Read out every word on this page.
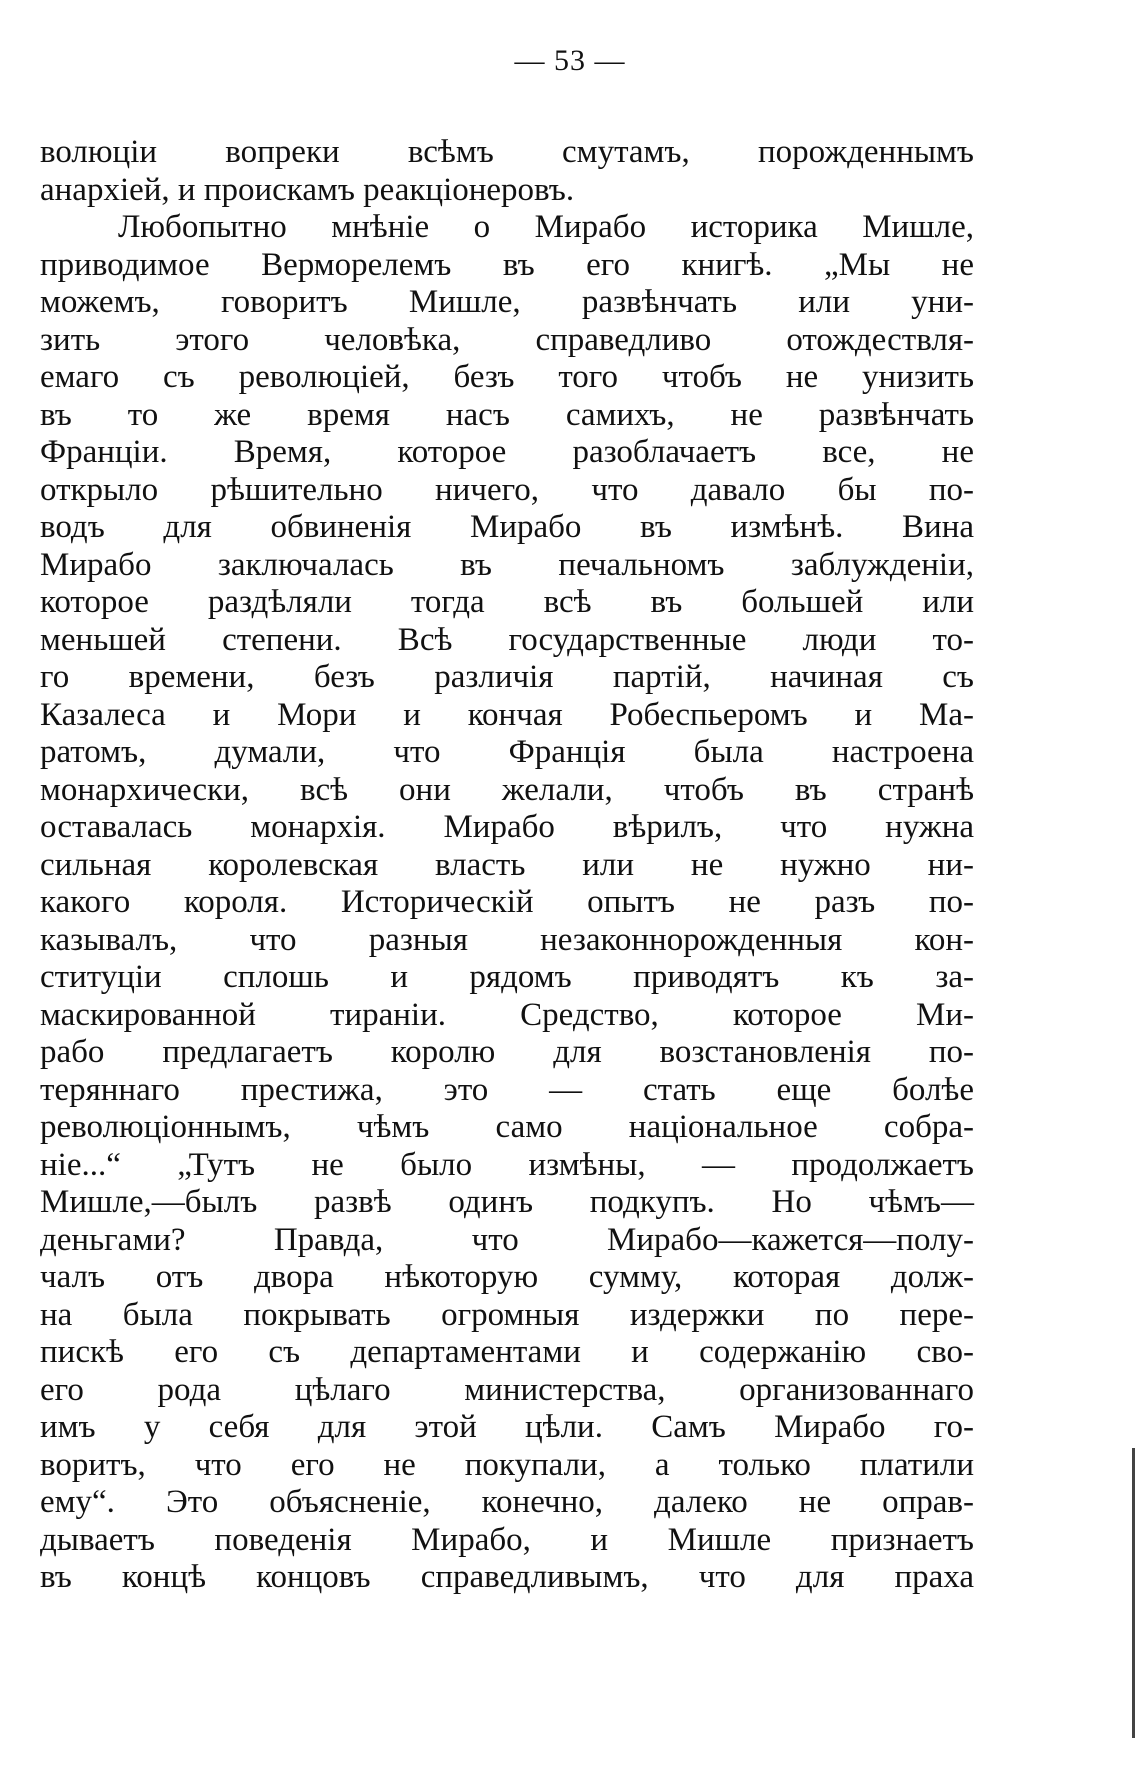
— 53 —
волюціи вопреки всѣмъ смутамъ, порожденнымъ
анархіей, и проискамъ реакціонеровъ.
Любопытно мнѣніе о Мирабо историка Мишле,
приводимое Верморелемъ въ его книгѣ. „Мы не
можемъ, говоритъ Мишле, развѣнчать или уни-
зить этого человѣка, справедливо отождествля-
емаго съ революціей, безъ того чтобъ не унизить
въ то же время насъ самихъ, не развѣнчать
Франціи. Время, которое разоблачаетъ все, не
открыло рѣшительно ничего, что давало бы по-
водъ для обвиненія Мирабо въ измѣнѣ. Вина
Мирабо заключалась въ печальномъ заблужденіи,
которое раздѣляли тогда всѣ въ большей или
меньшей степени. Всѣ государственные люди то-
го времени, безъ различія партій, начиная съ
Казалеса и Мори и кончая Робеспьеромъ и Ма-
ратомъ, думали, что Франція была настроена
монархически, всѣ они желали, чтобъ въ странѣ
оставалась монархія. Мирабо вѣрилъ, что нужна
сильная королевская власть или не нужно ни-
какого короля. Историческій опытъ не разъ по-
казывалъ, что разныя незаконнорожденныя кон-
ституціи сплошь и рядомъ приводятъ къ за-
маскированной тираніи. Средство, которое Ми-
рабо предлагаетъ королю для возстановленія по-
теряннаго престижа, это — стать еще болѣе
революціоннымъ, чѣмъ само національное собра-
ніе...“ „Тутъ не было измѣны, — продолжаетъ
Мишле,—былъ развѣ одинъ подкупъ. Но чѣмъ—
деньгами? Правда, что Мирабо—кажется—полу-
чалъ отъ двора нѣкоторую сумму, которая долж-
на была покрывать огромныя издержки по пере-
пискѣ его съ департаментами и содержанію сво-
его рода цѣлаго министерства, организованнаго
имъ у себя для этой цѣли. Самъ Мирабо го-
воритъ, что его не покупали, а только платили
ему“. Это объясненіе, конечно, далеко не оправ-
дываетъ поведенія Мирабо, и Мишле признаетъ
въ концѣ концовъ справедливымъ, что для праха
